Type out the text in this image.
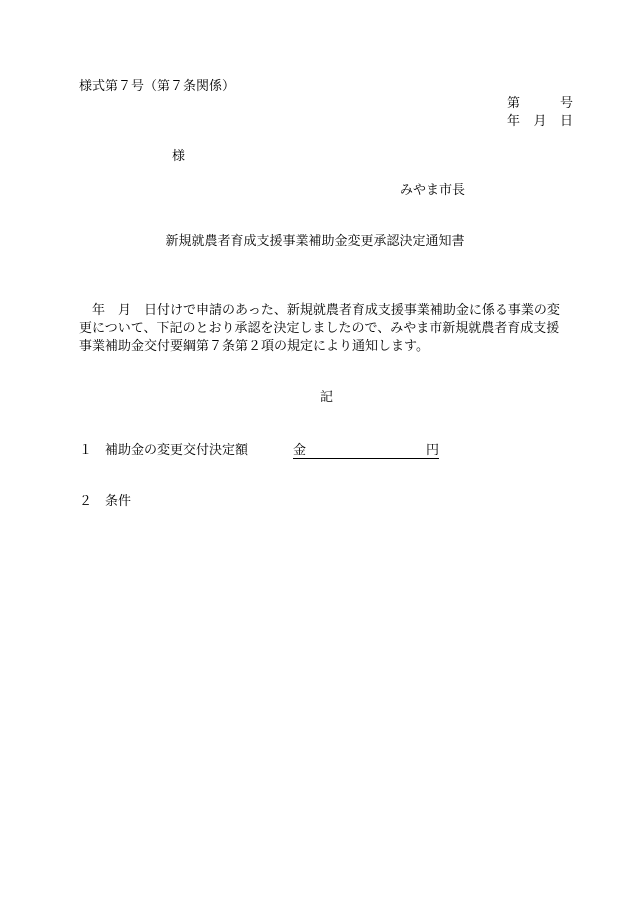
様式第７号（第７条関係）
第	号
年 月 日
様
みやま市長
新規就農者育成支援事業補助金変更承認決定通知書
　年　月　日付けで申請のあった、新規就農者育成支援事業補助金に係る事業の変
更について、下記のとおり承認を決定しましたので、みやま市新規就農者育成支援
事業補助金交付要綱第７条第２項の規定により通知します。
記
１ 補助金の変更交付決定額	金	円
２ 条件
